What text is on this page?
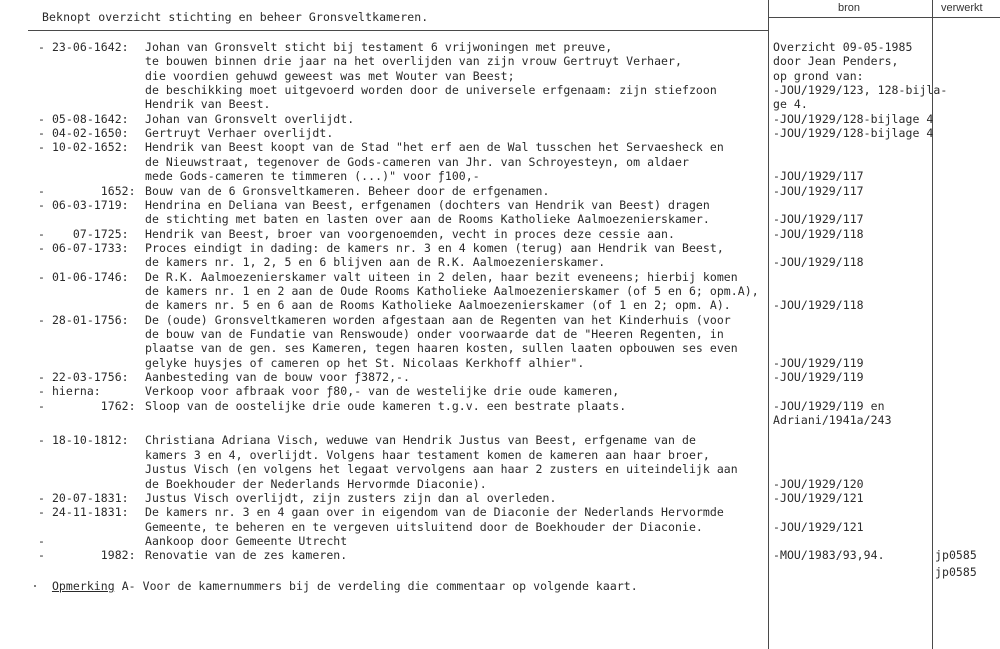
bron	verwerkt
Beknopt overzicht stichting en beheer Gronsveltkameren.
- 23-06-1642: Johan van Gronsvelt sticht bij testament 6 vrijwoningen met preuve,	Overzicht 09-05-1985
te bouwen binnen drie jaar na het overlijden van zijn vrouw Gertruyt Verhaer,	door Jean Penders,
die voordien gehuwd geweest was met Wouter van Beest;	op grond van:
de beschikking moet uitgevoerd worden door de universele erfgenaam: zijn stiefzoon	-JOU/1929/123, 128-bijla-
Hendrik van Beest.	ge 4.
- 05-08-1642: Johan van Gronsvelt overlijdt.	-JOU/1929/128-bijlage 4
- 04-02-1650: Gertruyt Verhaer overlijdt.	-JOU/1929/128-bijlage 4
- 10-02-1652: Hendrik van Beest koopt van de Stad "het erf aen de Wal tusschen het Servaesheck en
de Nieuwstraat, tegenover de Gods-cameren van Jhr. van Schroyesteyn, om aldaer
mede Gods-cameren te timmeren (...)" voor ƒ100,-	-JOU/1929/117
-        1652: Bouw van de 6 Gronsveltkameren. Beheer door de erfgenamen.	-JOU/1929/117
- 06-03-1719: Hendrina en Deliana van Beest, erfgenamen (dochters van Hendrik van Beest) dragen
de stichting met baten en lasten over aan de Rooms Katholieke Aalmoezenierskamer.	-JOU/1929/117
-    07-1725: Hendrik van Beest, broer van voorgenoemden, vecht in proces deze cessie aan.	-JOU/1929/118
- 06-07-1733: Proces eindigt in dading: de kamers nr. 3 en 4 komen (terug) aan Hendrik van Beest,
de kamers nr. 1, 2, 5 en 6 blijven aan de R.K. Aalmoezenierskamer.	-JOU/1929/118
- 01-06-1746: De R.K. Aalmoezenierskamer valt uiteen in 2 delen, haar bezit eveneens; hierbij komen
de kamers nr. 1 en 2 aan de Oude Rooms Katholieke Aalmoezenierskamer (of 5 en 6; opm.A),
de kamers nr. 5 en 6 aan de Rooms Katholieke Aalmoezenierskamer (of 1 en 2; opm. A).	-JOU/1929/118
- 28-01-1756: De (oude) Gronsveltkameren worden afgestaan aan de Regenten van het Kinderhuis (voor
de bouw van de Fundatie van Renswoude) onder voorwaarde dat de "Heeren Regenten, in
plaatse van de gen. ses Kameren, tegen haaren kosten, sullen laaten opbouwen ses even
gelyke huysjes of cameren op het St. Nicolaas Kerkhoff alhier".	-JOU/1929/119
- 22-03-1756: Aanbesteding van de bouw voor ƒ3872,-.	-JOU/1929/119
- hierna:	Verkoop voor afbraak voor ƒ80,- van de westelijke drie oude kameren,
-        1762: Sloop van de oostelijke drie oude kameren t.g.v. een bestrate plaats.	-JOU/1929/119 en
Adriani/1941a/243
- 18-10-1812: Christiana Adriana Visch, weduwe van Hendrik Justus van Beest, erfgename van de
kamers 3 en 4, overlijdt. Volgens haar testament komen de kameren aan haar broer,
Justus Visch (en volgens het legaat vervolgens aan haar 2 zusters en uiteindelijk aan
de Boekhouder der Nederlands Hervormde Diaconie).	-JOU/1929/120
- 20-07-1831: Justus Visch overlijdt, zijn zusters zijn dan al overleden.	-JOU/1929/121
- 24-11-1831: De kamers nr. 3 en 4 gaan over in eigendom van de Diaconie der Nederlands Hervormde
Gemeente, te beheren en te vergeven uitsluitend door de Boekhouder der Diaconie.	-JOU/1929/121
-	Aankoop door Gemeente Utrecht
-        1982: Renovatie van de zes kameren.	-MOU/1983/93,94.	jp0585

Opmerking A- Voor de kamernummers bij de verdeling die commentaar op volgende kaart.

jp0585
